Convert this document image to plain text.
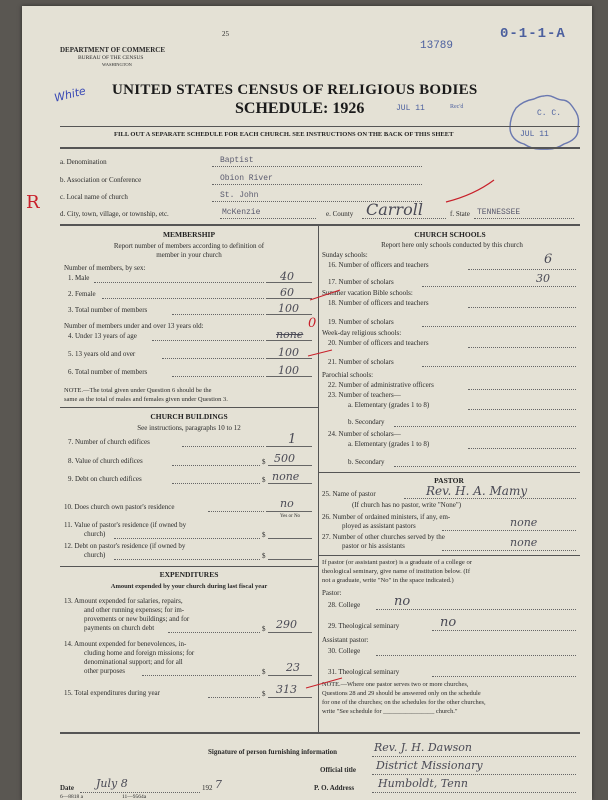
DEPARTMENT OF COMMERCE
BUREAU OF THE CENSUS
WASHINGTON
25
13789
0-1-1-A
White UNITED STATES CENSUS OF RELIGIOUS BODIES
SCHEDULE: 1926	JUL 11	Rec'd
C. C.
FILL OUT A SEPARATE SCHEDULE FOR EACH CHURCH. SEE INSTRUCTIONS ON THE BACK OF THIS SHEET	JUL 11
R
a. Denomination	Baptist
b. Association or Conference	Obion River
c. Local name of church	St. John
d. City, town, village, or township, etc.	McKenzie	e. County Carroll	f. State TENNESSEE
MEMBERSHIP
Report number of members according to definition of
member in your church
Number of members, by sex:
1. Male	40
2. Female	60
3. Total number of members	100
Number of members under and over 13 years old:
4. Under 13 years of age	none
0
5. 13 years old and over	100
6. Total number of members	100
NOTE.—The total given under Question 6 should be the
same as the total of males and females given under Question 3.
CHURCH BUILDINGS
See instructions, paragraphs 10 to 12
7. Number of church edifices	1
8. Value of church edifices	$ 500
9. Debt on church edifices	$ none
10. Does church own pastor's residence	no
Yes or No
11. Value of pastor's residence (if owned by
church)	$
12. Debt on pastor's residence (if owned by
church)	$
EXPENDITURES
Amount expended by your church during last fiscal year
13. Amount expended for salaries, repairs,
and other running expenses; for im-
provements or new buildings; and for
payments on church debt	$ 290
14. Amount expended for benevolences, in-
cluding home and foreign missions; for
denominational support; and for all
other purposes	$ 23
15. Total expenditures during year	$ 313
CHURCH SCHOOLS
Report here only schools conducted by this church
Sunday schools:
16. Number of officers and teachers	6
17. Number of scholars	30
Summer vacation Bible schools:
18. Number of officers and teachers
19. Number of scholars
Week-day religious schools:
20. Number of officers and teachers
21. Number of scholars
Parochial schools:
22. Number of administrative officers
23. Number of teachers—
a. Elementary (grades 1 to 8)
b. Secondary
24. Number of scholars—
a. Elementary (grades 1 to 8)
b. Secondary
PASTOR
25. Name of pastor	Rev. H. A. Mamy
(If church has no pastor, write "None")
26. Number of ordained ministers, if any, em-
ployed as assistant pastors	none
27. Number of other churches served by the
pastor or his assistants	none
If pastor (or assistant pastor) is a graduate of a college or
theological seminary, give name of institution below. (If
not a graduate, write "No" in the space indicated.)
Pastor:
28. College	no
29. Theological seminary	no
Assistant pastor:
30. College
31. Theological seminary
NOTE.—Where one pastor serves two or more churches,
Questions 28 and 29 should be answered only on the schedule
for one of the churches; on the schedules for the other churches,
write "See schedule for ________________ church."
Signature of person furnishing information	Rev. J. H. Dawson
Official title District Missionary
Date July 8	192 7	P. O. Address Humboldt, Tenn
6—8818 a	11—9564a
